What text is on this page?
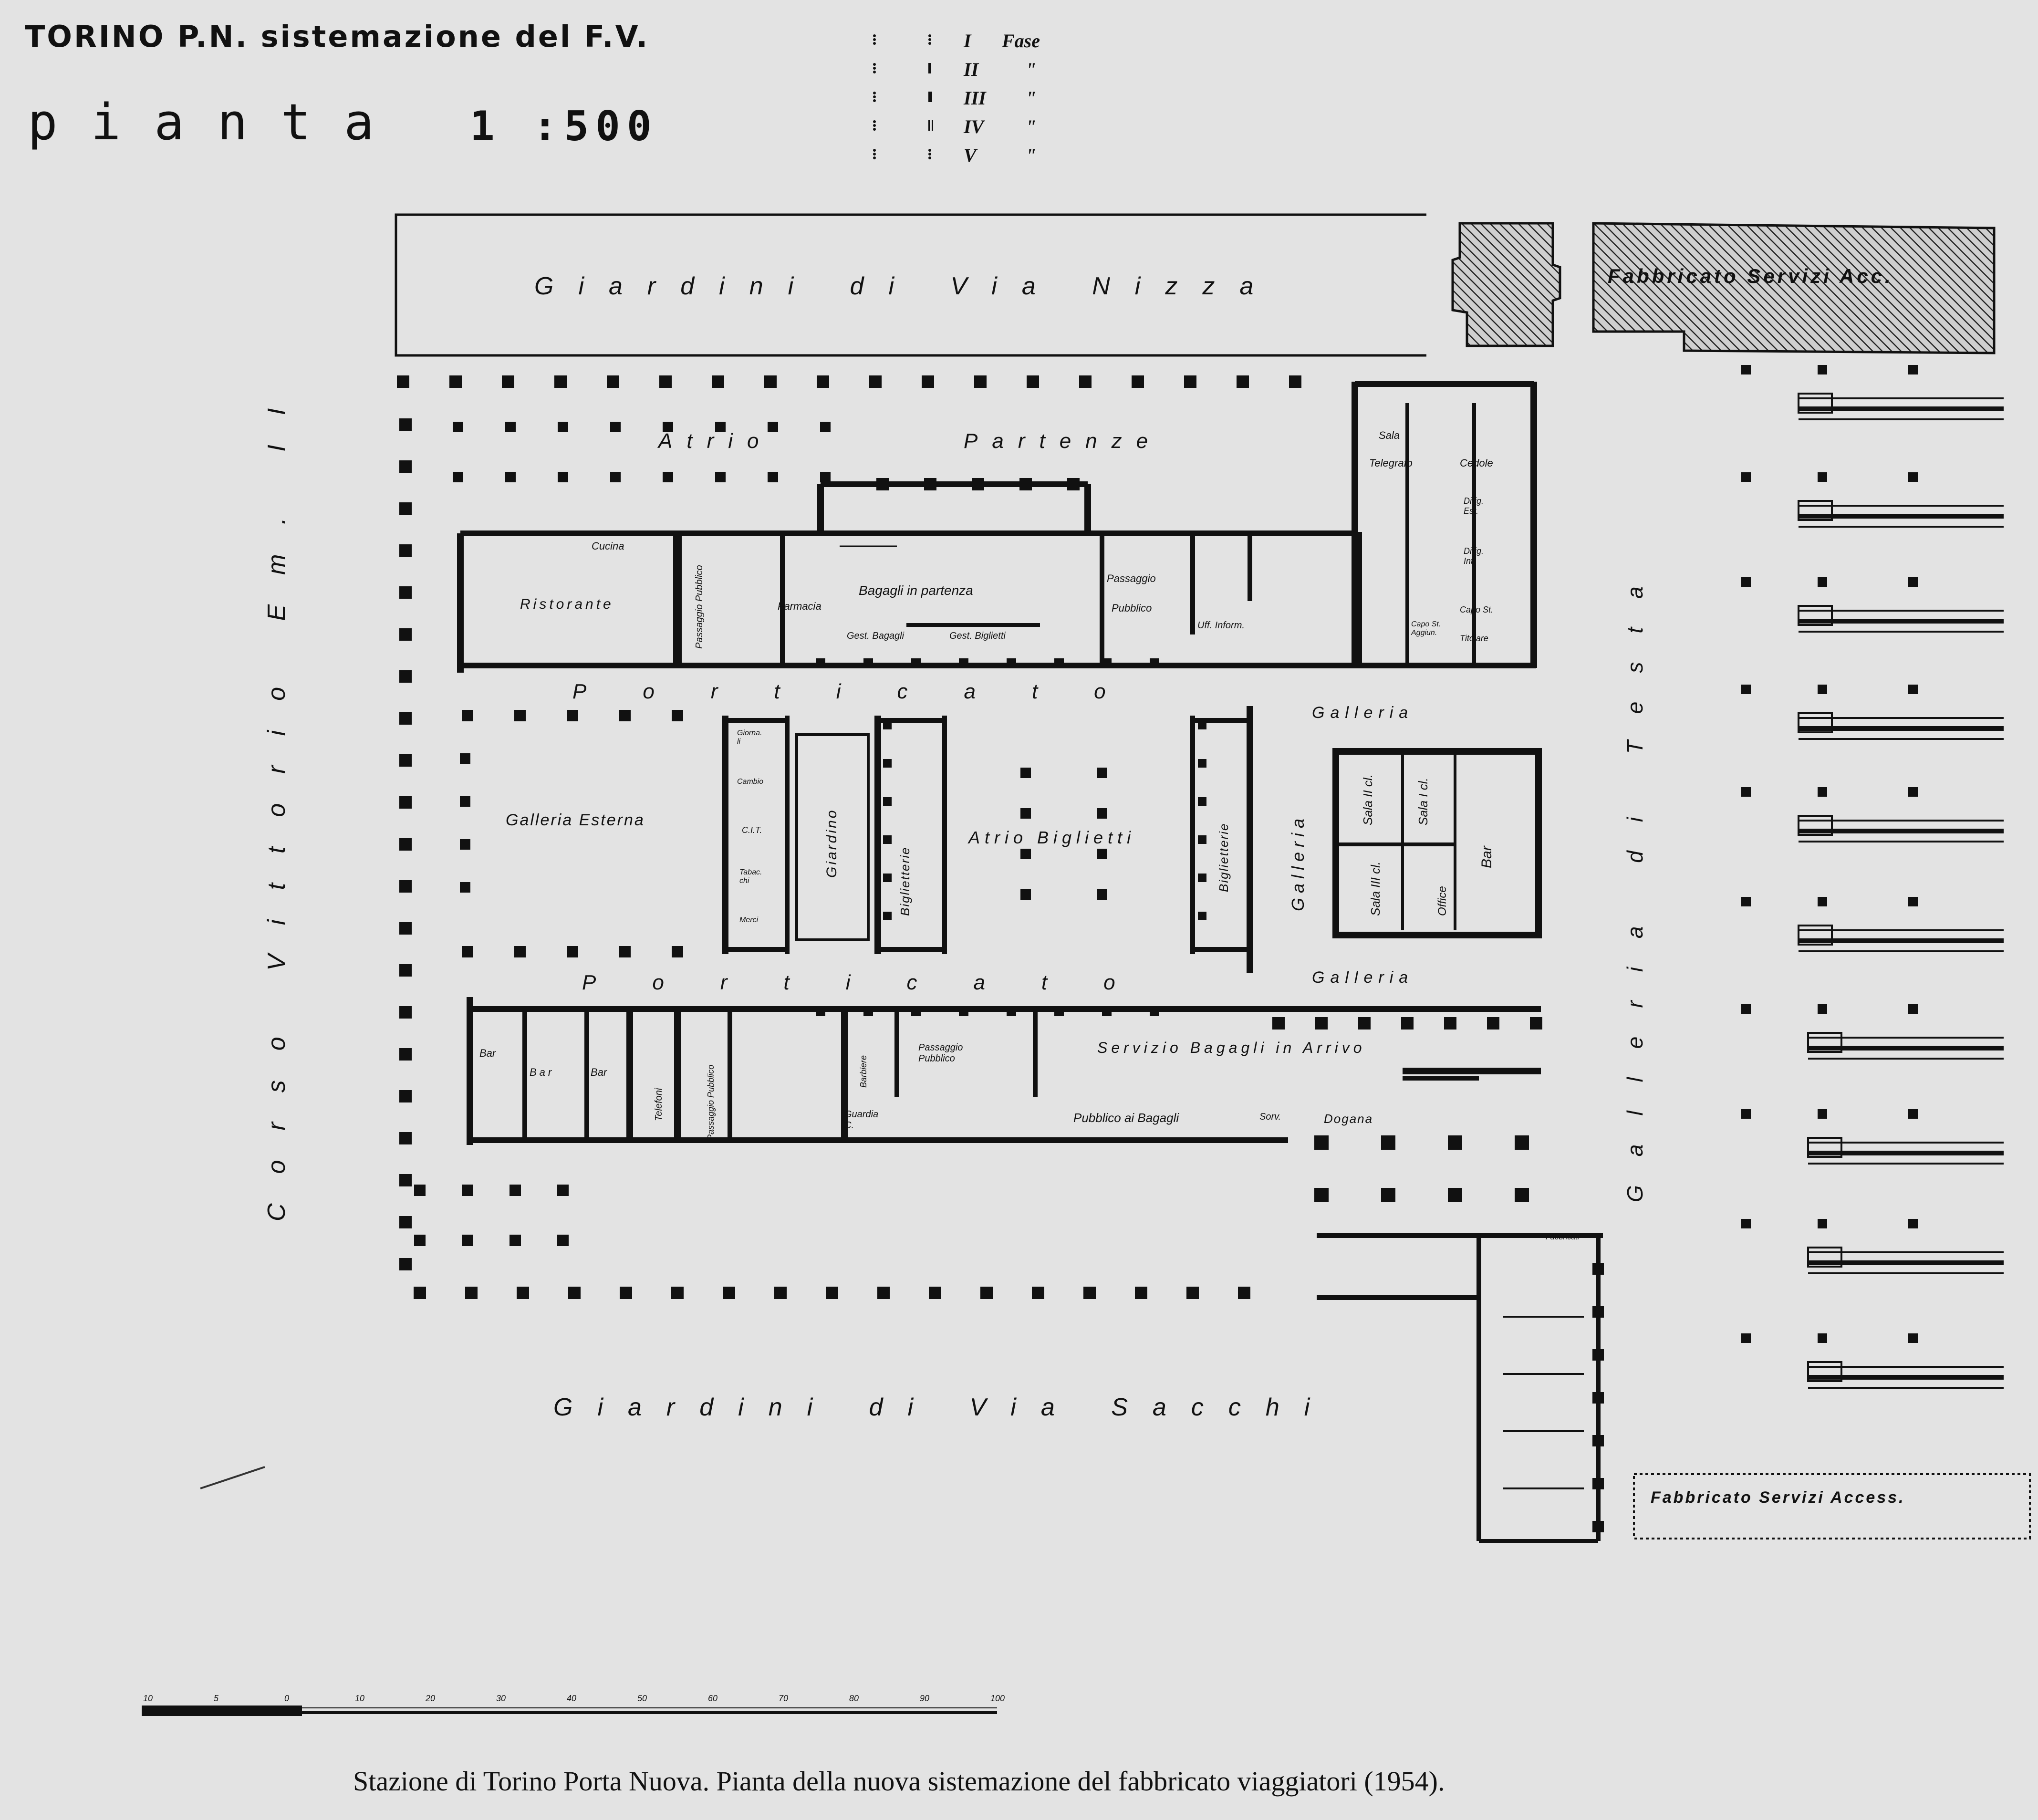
TORINO P.N. sistemazione del F.V.
pianta 1 :500
I Fase
II "
III "
IV "
V	"
Giardini di Via Nizza
Giardini di Via Sacchi
Corso Vittorio Em. II	Galleria di Testa
Fabbricato Servizi Acc.
Fabbricato Servizi Access.
Fabbricati
Atrio	Partenze
Porticato
Porticato
Galleria Esterna
Atrio Biglietti	Galleria
Galleria
Galleria
Servizio Bagagli in Arrivo
Cucina
Ristorante	Passaggio Pubblico	Farmacia
Bagagli in partenza
Gest. Bagagli	Gest. Biglietti
Passaggio
Pubblico
Uff. Inform.
Sala
Telegrafo	Cedole
Dirig. Est.
Dirig. Int.
Capo St.
Capo St. Aggiun.
Titolare
Giorna. li
Cambio
C.I.T.
Tabac. chi
Merci
Giardino
Biglietterie	Biglietterie
Sala II cl.	Sala I cl.
Sala III cl.	Office
Bar
Bar
Bar	Bar
Telefoni	Passaggio Pubblico	Barbiere
Guardia C.
Passaggio Pubblico
Pubblico ai Bagagli	Sorv.	Dogana
10	5	0	10	20	30	40	50	60	70	80	90	100
Stazione di Torino Porta Nuova. Pianta della nuova sistemazione del fabbricato viaggiatori (1954).
